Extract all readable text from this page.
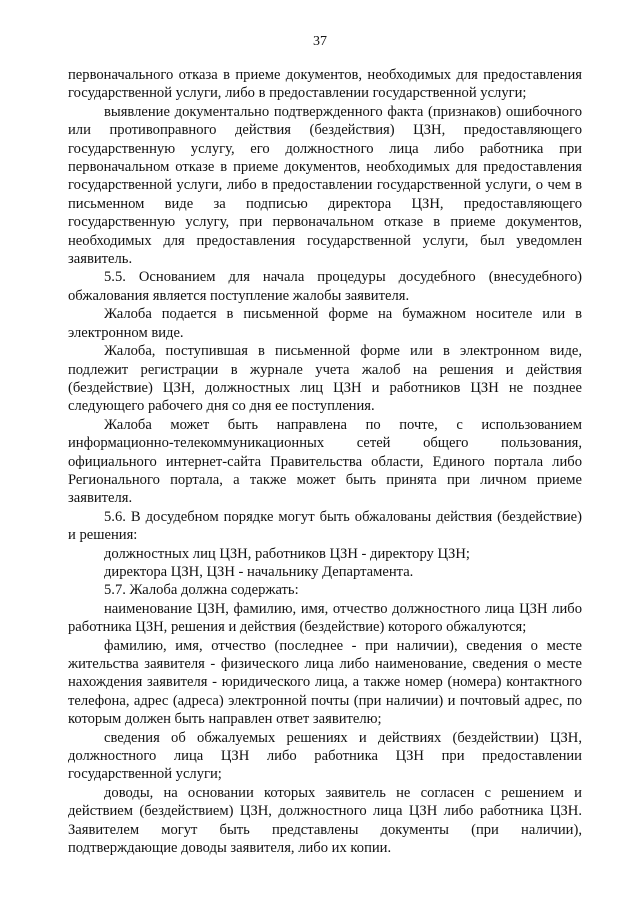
37

первоначального отказа в приеме документов, необходимых для предоставления государственной услуги, либо в предоставлении государственной услуги;

выявление документально подтвержденного факта (признаков) ошибочного или противоправного действия (бездействия) ЦЗН, предоставляющего государственную услугу, его должностного лица либо работника при первоначальном отказе в приеме документов, необходимых для предоставления государственной услуги, либо в предоставлении государственной услуги, о чем в письменном виде за подписью директора ЦЗН, предоставляющего государственную услугу, при первоначальном отказе в приеме документов, необходимых для предоставления государственной услуги, был уведомлен заявитель.

5.5. Основанием для начала процедуры досудебного (внесудебного) обжалования является поступление жалобы заявителя.

Жалоба подается в письменной форме на бумажном носителе или в электронном виде.

Жалоба, поступившая в письменной форме или в электронном виде, подлежит регистрации в журнале учета жалоб на решения и действия (бездействие) ЦЗН, должностных лиц ЦЗН и работников ЦЗН не позднее следующего рабочего дня со дня ее поступления.

Жалоба может быть направлена по почте, с использованием информационно-телекоммуникационных сетей общего пользования, официального интернет-сайта Правительства области, Единого портала либо Регионального портала, а также может быть принята при личном приеме заявителя.

5.6. В досудебном порядке могут быть обжалованы действия (бездействие) и решения:

должностных лиц ЦЗН, работников ЦЗН - директору ЦЗН;

директора ЦЗН, ЦЗН - начальнику Департамента.

5.7. Жалоба должна содержать:

наименование ЦЗН, фамилию, имя, отчество должностного лица ЦЗН либо работника ЦЗН, решения и действия (бездействие) которого обжалуются;

фамилию, имя, отчество (последнее - при наличии), сведения о месте жительства заявителя - физического лица либо наименование, сведения о месте нахождения заявителя - юридического лица, а также номер (номера) контактного телефона, адрес (адреса) электронной почты (при наличии) и почтовый адрес, по которым должен быть направлен ответ заявителю;

сведения об обжалуемых решениях и действиях (бездействии) ЦЗН, должностного лица ЦЗН либо работника ЦЗН при предоставлении государственной услуги;

доводы, на основании которых заявитель не согласен с решением и действием (бездействием) ЦЗН, должностного лица ЦЗН либо работника ЦЗН. Заявителем могут быть представлены документы (при наличии), подтверждающие доводы заявителя, либо их копии.
